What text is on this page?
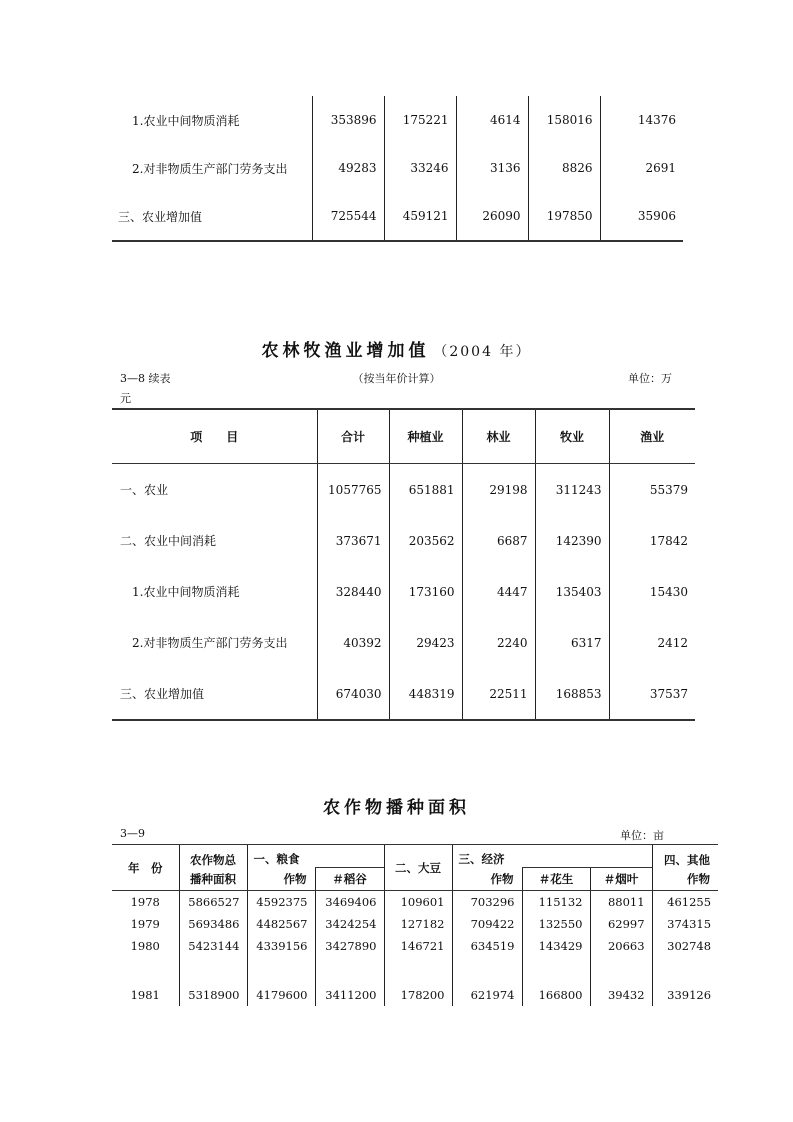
1.农业中间物质消耗	353896	175221	4614	158016	14376
2.对非物质生产部门劳务支出	49283	33246	3136	8826	2691
三、农业增加值	725544	459121	26090	197850	35906
农林牧渔业增加值 （2004 年）
3—8 续表	（按当年价计算）	单位：万
元
项　　目	合计	种植业	林业	牧业	渔业
一、农业	1057765	651881	29198	311243	55379
二、农业中间消耗	373671	203562	6687	142390	17842
1.农业中间物质消耗	328440	173160	4447	135403	15430
2.对非物质生产部门劳务支出	40392	29423	2240	6317	2412
三、农业增加值	674030	448319	22511	168853	37537
农作物播种面积
3—9	单位：亩
年　份	农作物总	一、粮食		二、大豆	三、经济			四、其他
	播种面积	作物	＃稻谷		作物	＃花生	＃烟叶	作物
1978	5866527	4592375	3469406	109601	703296	115132	88011	461255
1979	5693486	4482567	3424254	127182	709422	132550	62997	374315
1980	5423144	4339156	3427890	146721	634519	143429	20663	302748

1981	5318900	4179600	3411200	178200	621974	166800	39432	339126
